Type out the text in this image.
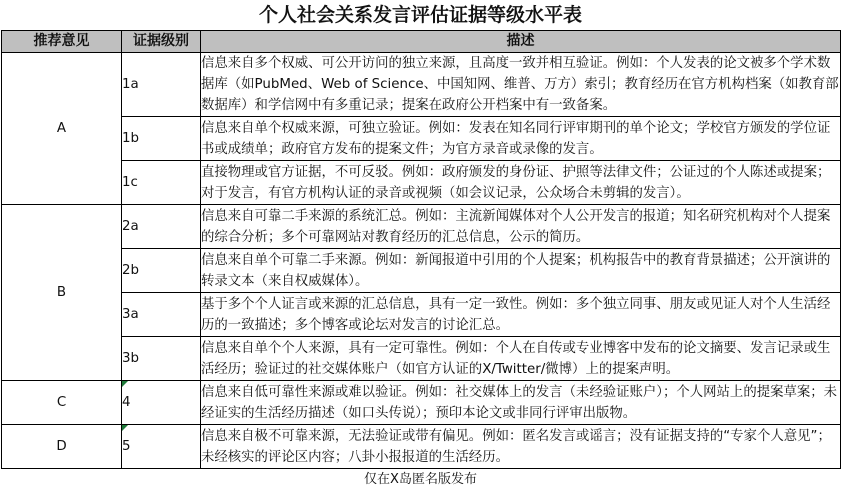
个人社会关系发言评估证据等级水平表
推荐意见	证据级别	描述
A	1a	信息来自多个权威、可公开访问的独立来源，且高度一致并相互验证。例如：个人发表的论文被多个学术数据库（如PubMed、Web of Science、中国知网、维普、万方）索引；教育经历在官方机构档案（如教育部数据库）和学信网中有多重记录；提案在政府公开档案中有一致备案。
	1b	信息来自单个权威来源，可独立验证。例如：发表在知名同行评审期刊的单个论文；学校官方颁发的学位证书或成绩单；政府官方发布的提案文件；为官方录音或录像的发言。
	1c	直接物理或官方证据，不可反驳。例如：政府颁发的身份证、护照等法律文件；公证过的个人陈述或提案；对于发言，有官方机构认证的录音或视频（如会议记录，公众场合未剪辑的发言）。
B	2a	信息来自可靠二手来源的系统汇总。例如：主流新闻媒体对个人公开发言的报道；知名研究机构对个人提案的综合分析；多个可靠网站对教育经历的汇总信息，公示的简历。
	2b	信息来自单个可靠二手来源。例如：新闻报道中引用的个人提案；机构报告中的教育背景描述；公开演讲的转录文本（来自权威媒体）。
	3a	基于多个个人证言或来源的汇总信息，具有一定一致性。例如：多个独立同事、朋友或见证人对个人生活经历的一致描述；多个博客或论坛对发言的讨论汇总。
	3b	信息来自单个个人来源，具有一定可靠性。例如：个人在自传或专业博客中发布的论文摘要、发言记录或生活经历；验证过的社交媒体账户（如官方认证的X/Twitter/微博）上的提案声明。
C	4	信息来自低可靠性来源或难以验证。例如：社交媒体上的发言（未经验证账户）；个人网站上的提案草案；未经证实的生活经历描述（如口头传说）；预印本论文或非同行评审出版物。
D	5	信息来自极不可靠来源，无法验证或带有偏见。例如：匿名发言或谣言；没有证据支持的“专家个人意见”；未经核实的评论区内容；八卦小报报道的生活经历。
仅在X岛匿名版发布
